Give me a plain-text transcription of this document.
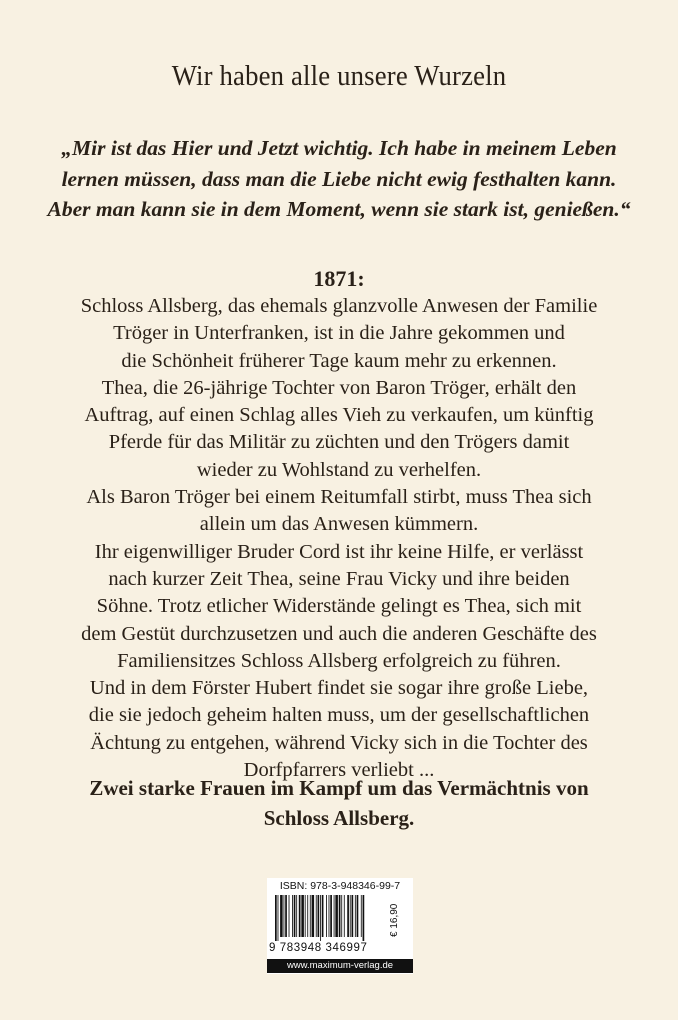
Wir haben alle unsere Wurzeln
„Mir ist das Hier und Jetzt wichtig. Ich habe in meinem Leben
lernen müssen, dass man die Liebe nicht ewig festhalten kann.
Aber man kann sie in dem Moment, wenn sie stark ist, genießen.“
1871:
Schloss Allsberg, das ehemals glanzvolle Anwesen der Familie
Tröger in Unterfranken, ist in die Jahre gekommen und
die Schönheit früherer Tage kaum mehr zu erkennen.
Thea, die 26-jährige Tochter von Baron Tröger, erhält den
Auftrag, auf einen Schlag alles Vieh zu verkaufen, um künftig
Pferde für das Militär zu züchten und den Trögers damit
wieder zu Wohlstand zu verhelfen.
Als Baron Tröger bei einem Reitumfall stirbt, muss Thea sich
allein um das Anwesen kümmern.
Ihr eigenwilliger Bruder Cord ist ihr keine Hilfe, er verlässt
nach kurzer Zeit Thea, seine Frau Vicky und ihre beiden
Söhne. Trotz etlicher Widerstände gelingt es Thea, sich mit
dem Gestüt durchzusetzen und auch die anderen Geschäfte des
Familiensitzes Schloss Allsberg erfolgreich zu führen.
Und in dem Förster Hubert findet sie sogar ihre große Liebe,
die sie jedoch geheim halten muss, um der gesellschaftlichen
Ächtung zu entgehen, während Vicky sich in die Tochter des
Dorfpfarrers verliebt ...
Zwei starke Frauen im Kampf um das Vermächtnis von
Schloss Allsberg.
ISBN: 978-3-948346-99-7
€ 16,90
9 783948 346997
www.maximum-verlag.de
